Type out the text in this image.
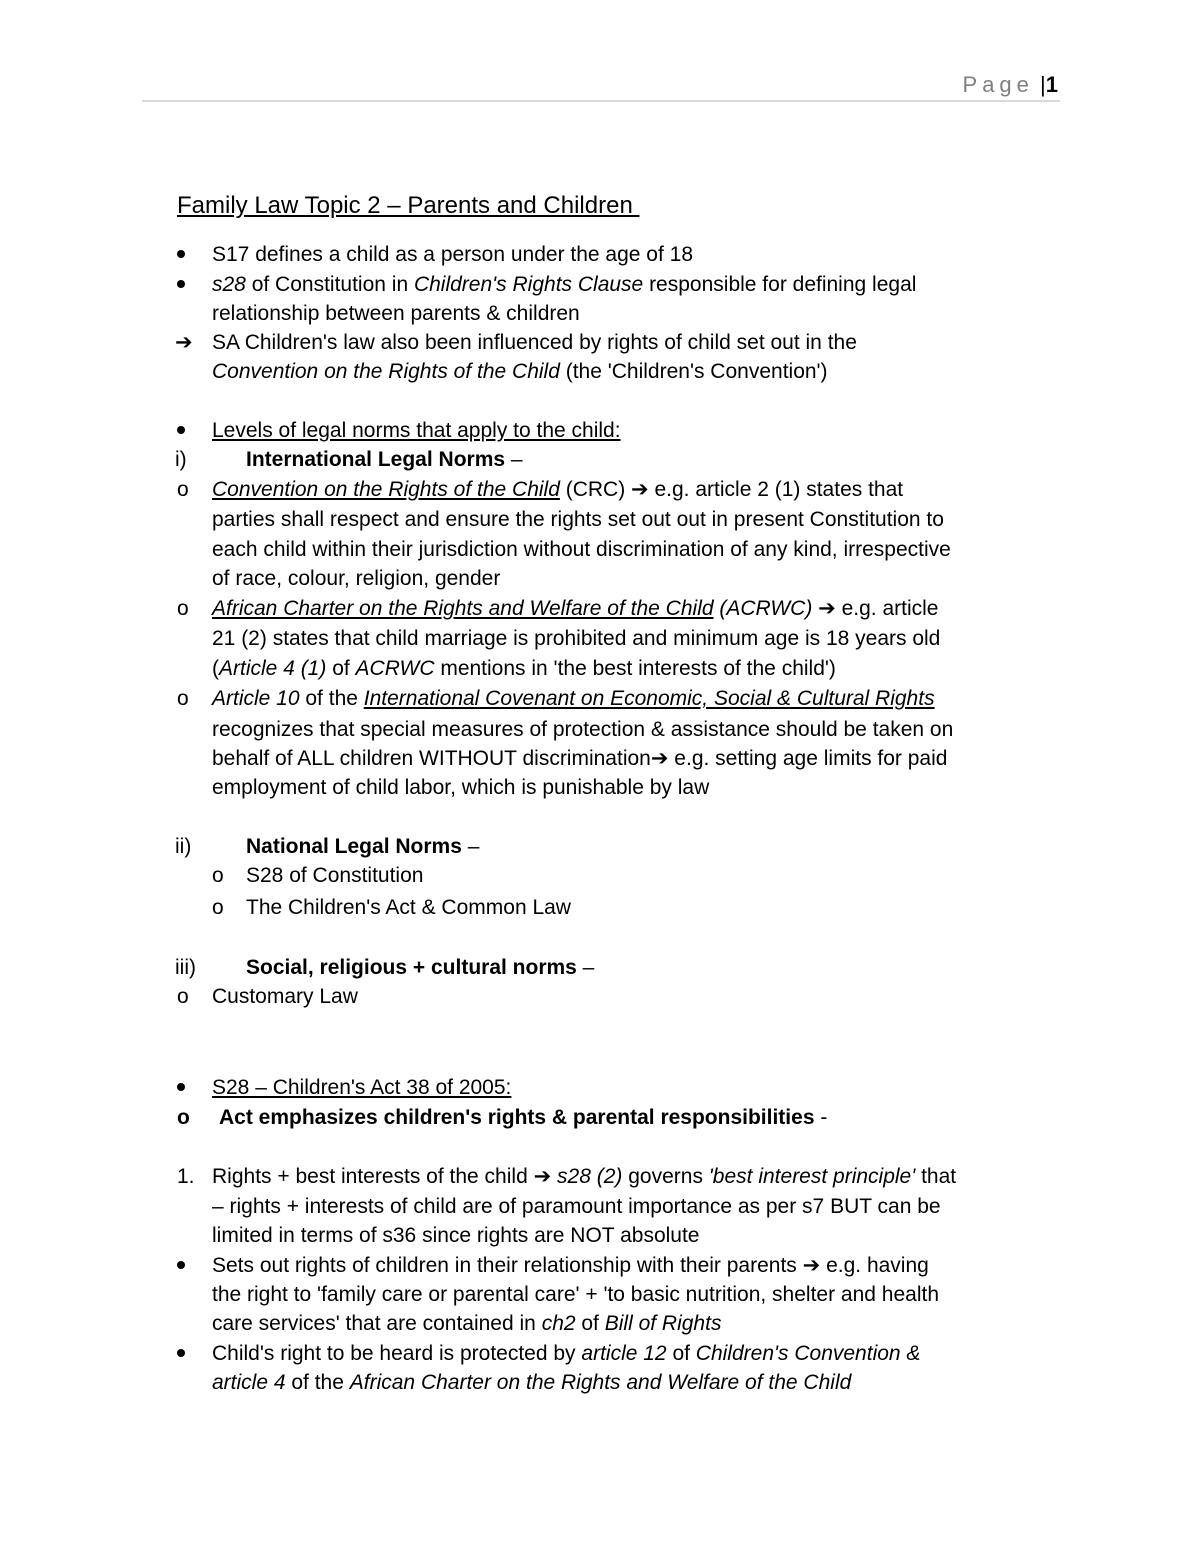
Page |1
Family Law Topic 2 – Parents and Children
S17 defines a child as a person under the age of 18
s28 of Constitution in Children's Rights Clause responsible for defining legal
relationship between parents & children
➔ SA Children's law also been influenced by rights of child set out in the
Convention on the Rights of the Child (the 'Children's Convention')
Levels of legal norms that apply to the child:
i)	International Legal Norms –
o Convention on the Rights of the Child (CRC) ➔ e.g. article 2 (1) states that
parties shall respect and ensure the rights set out out in present Constitution to
each child within their jurisdiction without discrimination of any kind, irrespective
of race, colour, religion, gender
o African Charter on the Rights and Welfare of the Child (ACRWC) ➔ e.g. article
21 (2) states that child marriage is prohibited and minimum age is 18 years old
(Article 4 (1) of ACRWC mentions in 'the best interests of the child')
o Article 10 of the International Covenant on Economic, Social & Cultural Rights
recognizes that special measures of protection & assistance should be taken on
behalf of ALL children WITHOUT discrimination➔ e.g. setting age limits for paid
employment of child labor, which is punishable by law
ii)	National Legal Norms –
o S28 of Constitution
o The Children's Act & Common Law
iii) Social, religious + cultural norms –
o Customary Law
S28 – Children's Act 38 of 2005:
o Act emphasizes children's rights & parental responsibilities -
1. Rights + best interests of the child ➔ s28 (2) governs 'best interest principle' that
– rights + interests of child are of paramount importance as per s7 BUT can be
limited in terms of s36 since rights are NOT absolute
Sets out rights of children in their relationship with their parents ➔ e.g. having
the right to 'family care or parental care' + 'to basic nutrition, shelter and health
care services' that are contained in ch2 of Bill of Rights
Child's right to be heard is protected by article 12 of Children's Convention &
article 4 of the African Charter on the Rights and Welfare of the Child
